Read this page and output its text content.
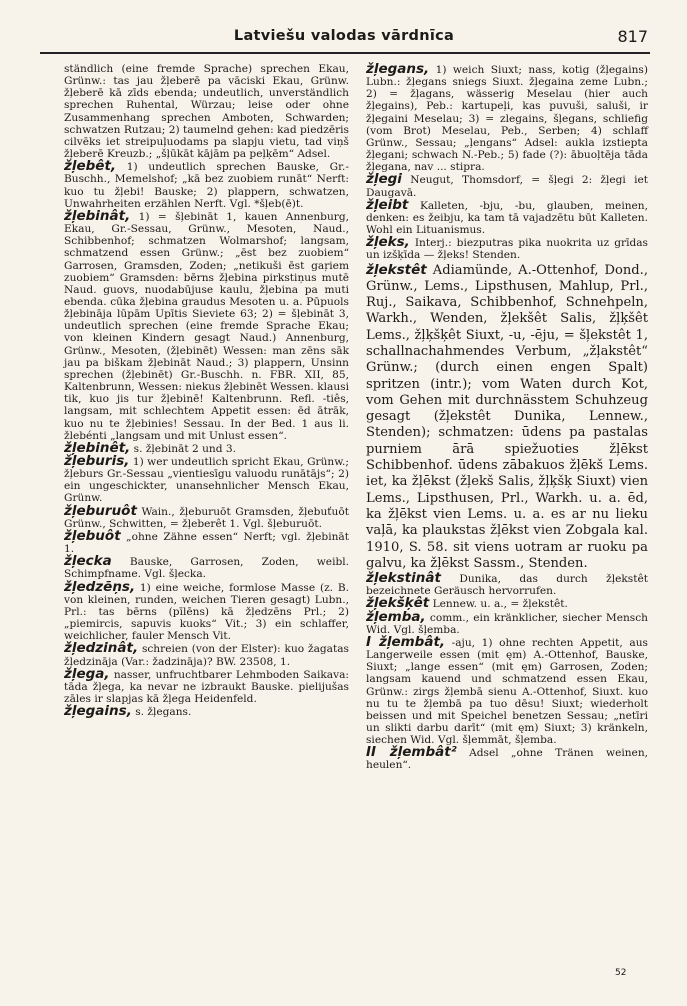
Latviešu valodas vārdnīca	817

ständlich (eine fremde Sprache) sprechen Ekau, Grünw.: tas jau žļeberē pa vāciski Ekau, Grünw. žļeberē kā zīds ebenda; undeutlich, unverständlich sprechen Ruhental, Würzau; leise oder ohne Zusammenhang sprechen Amboten, Schwarden; schwatzen Rutzau; 2) taumelnd gehen: kad piedzēris cilvēks iet streipuļuodams pa slapju vietu, tad viņš žļeberē Kreuzb.; „šļūkāt kājām pa peļķēm“ Adsel.

žļebêt, 1) undeutlich sprechen Bauske, Gr.-Buschh., Memelshof; „kā bez zuobiem runāt“ Nerft: kuo tu žļebi! Bauske; 2) plappern, schwatzen, Unwahrheiten erzählen Nerft. Vgl. *šļeb(ē)t.

žļebinât, 1) = šļebināt 1, kauen Annenburg, Ekau, Gr.-Sessau, Grünw., Mesoten, Naud., Schibbenhof; schmatzen Wolmarshof; langsam, schmatzend essen Grünw.; „ēst bez zuobiem“ Garrosen, Gramsden, Zoden; „netikuši ēst gaŗiem zuobiem“ Gramsden: bērns žļebina pirkstiņus mutē Naud. guovs, nuodabūjuse kaulu, žļebina pa muti ebenda. cūka žļebina graudus Mesoten u. a. Pūpuols žļebināja lūpām Upītis Sieviete 63; 2) = šļebināt 3, undeutlich sprechen (eine fremde Sprache Ekau; von kleinen Kindern gesagt Naud.) Annenburg, Grünw., Mesoten, (žļebinēt) Wessen: man zēns sāk jau pa biškam žļebināt Naud.; 3) plappern, Unsinn sprechen (žļebinēt) Gr.-Buschh. n. FBR. XII, 85, Kaltenbrunn, Wessen: niekus žļebinēt Wessen. klausi tik, kuo jis tur žļebinē! Kaltenbrunn. Refl. -tiês, langsam, mit schlechtem Appetit essen: ēd ātrāk, kuo nu te žļebinies! Sessau. In der Bed. 1 aus li. žlebénti „langsam und mit Unlust essen“.

žļebinêt, s. žļebināt 2 und 3.

žļeburis, 1) wer undeutlich spricht Ekau, Grünw.; žļeburs Gr.-Sessau „vientiesīgu valuodu runātājs“; 2) ein ungeschickter, unansehnlicher Mensch Ekau, Grünw.

žļeburuôt Wain., žļeburuōt Gramsden, žļebuťuōt Grünw., Schwitten, = žļeberêt 1. Vgl. šļeburuōt.

žļebuôt „ohne Zähne essen“ Nerft; vgl. žļebināt 1.

žļecka Bauske, Garrosen, Zoden, weibl. Schimpfname. Vgl. šļecka.

žļedzēņs, 1) eine weiche, formlose Masse (z. B. von kleinen, runden, weichen Tieren gesagt) Lubn., Prl.: tas bērns (pīlēns) kā žļedzēns Prl.; 2) „piemircis, sapuvis kuoks“ Vit.; 3) ein schlaffer, weichlicher, fauler Mensch Vit.

žļedzinât, schreien (von der Elster): kuo žagatas žļedzināja (Var.: žadzināja)? BW. 23508, 1.

žļega, nasser, unfruchtbarer Lehmboden Saikava: tāda žļega, ka nevar ne izbraukt Bauske. pielijušas zāles ir slapjas kā žļega Heidenfeld.

žļegains, s. žļegans.

žļegans, 1) weich Siuxt; nass, kotig (žļegains) Lubn.: žļegans sniegs Siuxt. žļegaina zeme Lubn.; 2) = žļagans, wässerig Meselau (hier auch žļegains), Peb.: kartupeļi, kas puvuši, saluši, ir žļegaini Meselau; 3) = zlegains, šļegans, schliefig (vom Brot) Meselau, Peb., Serben; 4) schlaff Grünw., Sessau; „ļengans“ Adsel: aukla izstiepta žļegani; schwach N.-Peb.; 5) fade (?): ābuoļtēja tāda žļegana, nav ... stipra.

žļegi Neugut, Thomsdorf, = šļegi 2: žļegi iet Daugavā.

žļeibt Kalleten, -bju, -bu, glauben, meinen, denken: es žeibju, ka tam tā vajadzētu būt Kalleten. Wohl ein Lituanismus.

žļeks, Interj.: biezputras pika nuokrita uz grīdas un izšķīda — žļeks! Stenden.

žļekstêt Adiamünde, A.-Ottenhof, Dond., Grünw., Lems., Lipsthusen, Mahlup, Prl., Ruj., Saikava, Schibbenhof, Schnehpeln, Warkh., Wenden, žļekšêt Salis, žļķšêt Lems., žļķšķêt Siuxt, -u, -ēju, = šļekstêt 1, schallnachahmendes Verbum, „žļakstêt“ Grünw.; (durch einen engen Spalt) spritzen (intr.); vom Waten durch Kot, vom Gehen mit durchnässtem Schuhzeug gesagt (žļekstêt Dunika, Lennew., Stenden); schmatzen: ūdens pa pastalas purniem ārā spiežuoties žļēkst Schibbenhof. ūdens zābakuos žļēkš Lems. iet, ka žļēkst (žļekš Salis, žļķšķ Siuxt) vien Lems., Lipsthusen, Prl., Warkh. u. a. ēd, ka žļēkst vien Lems. u. a. es ar nu lieku vaļā, ka plaukstas žļēkst vien Zobgala kal. 1910, S. 58. sit viens uotram ar ruoku pa galvu, ka žļēkst Sassm., Stenden.

žļekstinât Dunika, das durch žļekstêt bezeichnete Geräusch hervorrufen.

žļekšķêt Lennew. u. a., = žļekstêt.

žļemba, comm., ein kränklicher, siecher Mensch Wid. Vgl. šļemba.

I žļembât, -aju, 1) ohne rechten Appetit, aus Langerweile essen (mit ęm) A.-Ottenhof, Bauske, Siuxt; „lange essen“ (mit ęm) Garrosen, Zoden; langsam kauend und schmatzend essen Ekau, Grünw.: zirgs žļembā sienu A.-Ottenhof, Siuxt. kuo nu tu te žļembā pa tuo dēsu! Siuxt; wiederholt beissen und mit Speichel benetzen Sessau; „netīri un slikti darbu darīt“ (mit ęm) Siuxt; 3) kränkeln, siechen Wid. Vgl. šļemmāt, šļemba.

II žļembât² Adsel „ohne Tränen weinen, heulen“.

52
